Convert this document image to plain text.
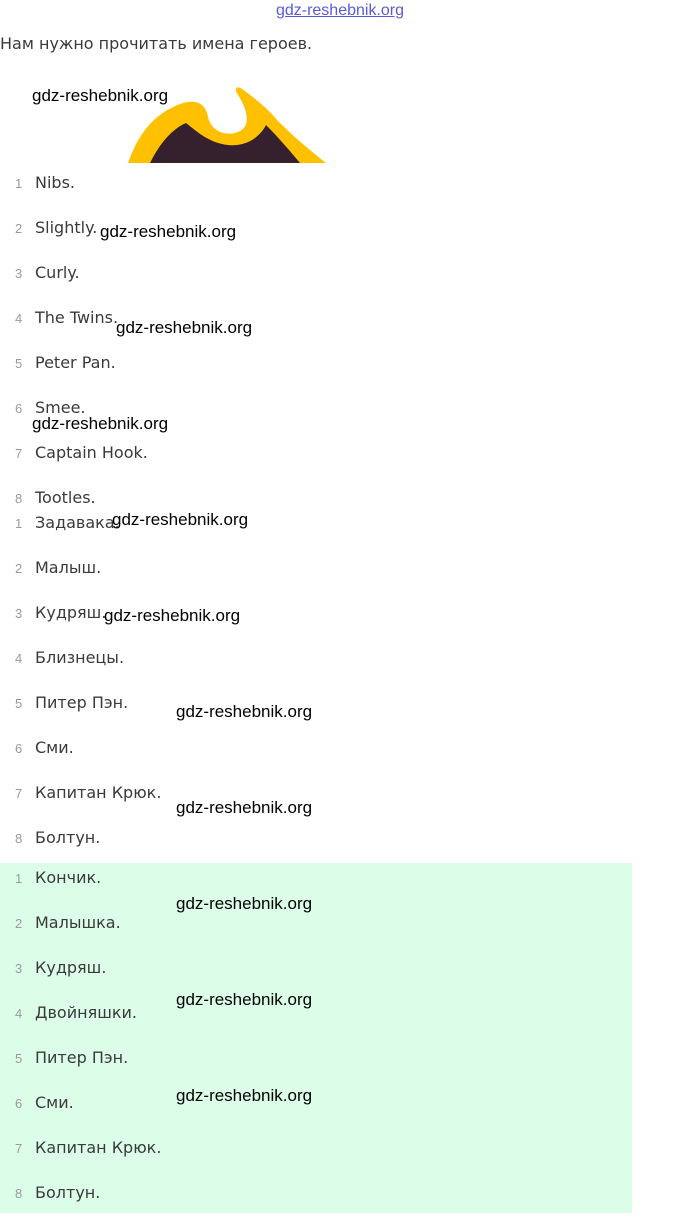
gdz-reshebnik.org
Нам нужно прочитать имена героев.
1 Nibs.
2 Slightly.
3 Curly.
4 The Twins.
5 Peter Pan.
6 Smee.
7 Captain Hook.
8 Tootles.
1 Задавака.
2 Малыш.
3 Кудряш.
4 Близнецы.
5 Питер Пэн.
6 Сми.
7 Капитан Крюк.
8 Болтун.
1 Кончик.
2 Малышка.
3 Кудряш.
4 Двойняшки.
5 Питер Пэн.
6 Сми.
7 Капитан Крюк.
8 Болтун.
gdz-reshebnik.org
gdz-reshebnik.org
gdz-reshebnik.org
gdz-reshebnik.org
gdz-reshebnik.org
gdz-reshebnik.org
gdz-reshebnik.org
gdz-reshebnik.org
gdz-reshebnik.org
gdz-reshebnik.org
gdz-reshebnik.org
